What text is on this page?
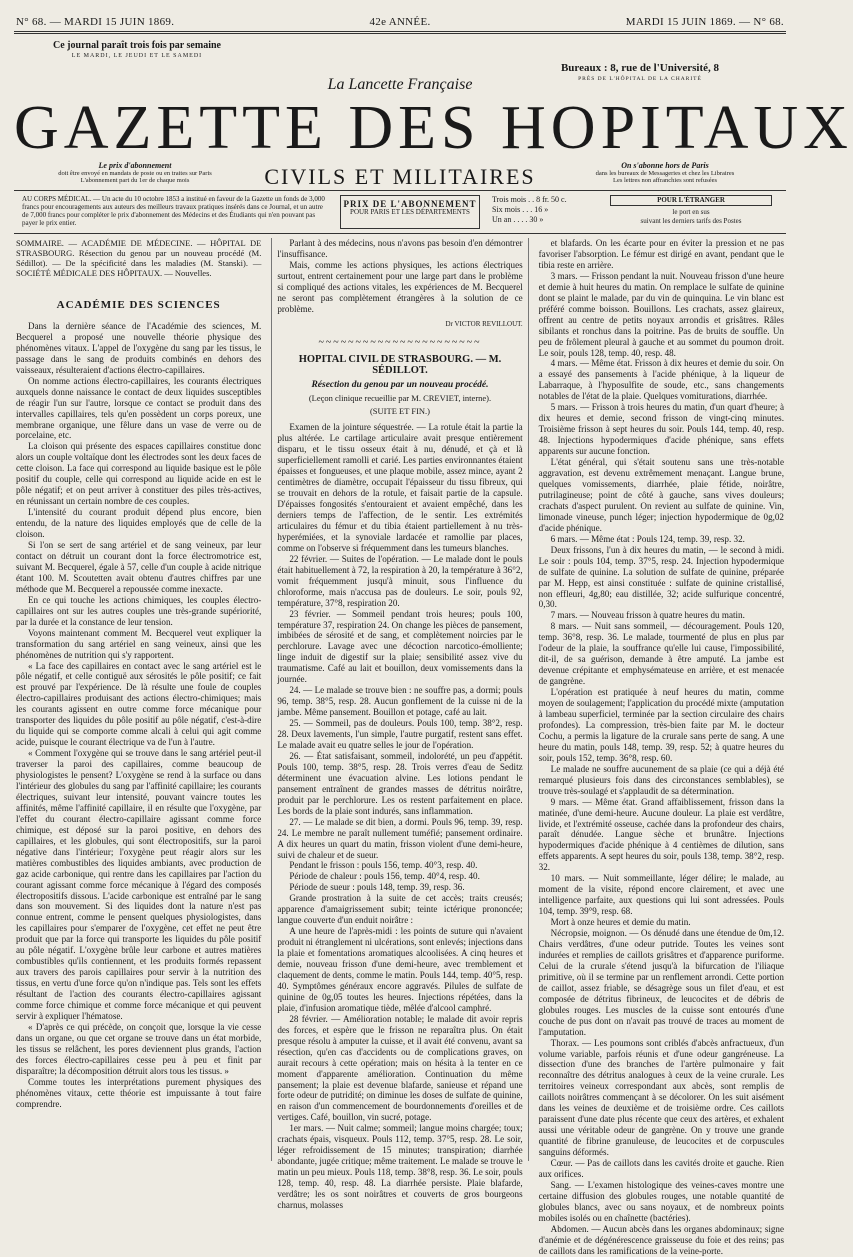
N° 68. — MARDI 15 JUIN 1869.	42e ANNÉE.	MARDI 15 JUIN 1869. — N° 68.
Ce journal paraît trois fois par semaine
LE MARDI, LE JEUDI ET LE SAMEDI
La Lancette Française
Bureaux : 8, rue de l'Université, 8
PRÈS DE L'HÔPITAL DE LA CHARITÉ
GAZETTE DES HOPITAUX
Le prix d'abonnement
doit être envoyé en mandats de poste ou en traites sur Paris
L'abonnement part du 1er de chaque mois	CIVILS ET MILITAIRES	On s'abonne hors de Paris
dans les bureaux de Messageries et chez les Libraires
Les lettres non affranchies sont refusées
AU CORPS MÉDICAL. — Un acte du 10 octobre 1853 a institué en faveur de la Gazette un fonds de 3,000 francs pour encouragements aux auteurs des meilleurs travaux pratiques insérés dans ce Journal, et un autre de 7,000 francs pour compléter le prix d'abonnement des Médecins et des Étudiants qui n'en pouvant pas payer le prix entier.
PRIX DE L'ABONNEMENT
POUR PARIS ET LES DÉPARTEMENTS
Trois mois . . 8 fr. 50 c.
Six mois . . . 16 »
Un an . . . . 30 »
POUR L'ÉTRANGER
le port en sus
suivant les derniers tarifs des Postes

SOMMAIRE. — ACADÉMIE DE MÉDECINE. — HÔPITAL DE STRASBOURG. Résection du genou par un nouveau procédé (M. Sédillot). — De la spécificité dans les maladies (M. Stanski). — SOCIÉTÉ MÉDICALE DES HÔPITAUX. — Nouvelles.

ACADÉMIE DES SCIENCES

Dans la dernière séance de l'Académie des sciences, M. Becquerel a proposé une nouvelle théorie physique des phénomènes vitaux. L'appel de l'oxygène du sang par les tissus, le passage dans le sang de produits combinés en dehors des vaisseaux, résulteraient d'actions électro-capillaires.

On nomme actions électro-capillaires, les courants électriques auxquels donne naissance le contact de deux liquides susceptibles de réagir l'un sur l'autre, lorsque ce contact se produit dans des intervalles capillaires, tels qu'en possèdent un corps poreux, une membrane organique, une fêlure dans un vase de verre ou de porcelaine, etc.

La cloison qui présente des espaces capillaires constitue donc alors un couple voltaïque dont les électrodes sont les deux faces de cette cloison. La face qui correspond au liquide basique est le pôle positif du couple, celle qui correspond au liquide acide en est le pôle négatif; et on peut arriver à constituer des piles très-actives, en réunissant un certain nombre de ces couples.

L'intensité du courant produit dépend plus encore, bien entendu, de la nature des liquides employés que de celle de la cloison.

Si l'on se sert de sang artériel et de sang veineux, par leur contact on détruit un courant dont la force électromotrice est, suivant M. Becquerel, égale à 57, celle d'un couple à acide nitrique étant 100. M. Scoutetten avait obtenu d'autres chiffres par une méthode que M. Becquerel a repoussée comme inexacte.

En ce qui touche les actions chimiques, les couples électro-capillaires ont sur les autres couples une très-grande supériorité, par la durée et la constance de leur tension.

Voyons maintenant comment M. Becquerel veut expliquer la transformation du sang artériel en sang veineux, ainsi que les phénomènes de nutrition qui s'y rapportent.

« La face des capillaires en contact avec le sang artériel est le pôle négatif, et celle contiguë aux sérosités le pôle positif; ce fait est prouvé par l'expérience. De là résulte une foule de couples électro-capillaires produisant des actions électro-chimiques; mais les courants agissent en outre comme force mécanique pour transporter des liquides du pôle positif au pôle négatif, c'est-à-dire du liquide qui se comporte comme alcali à celui qui agit comme acide, puisque le courant électrique va de l'un à l'autre.

« Comment l'oxygène qui se trouve dans le sang artériel peut-il traverser la paroi des capillaires, comme beaucoup de physiologistes le pensent? L'oxygène se rend à la surface ou dans l'intérieur des globules du sang par l'affinité capillaire; les courants électriques, suivant leur intensité, pouvant vaincre toutes les affinités, même l'affinité capillaire, il en résulte que l'oxygène, par l'effet du courant électro-capillaire agissant comme force chimique, est déposé sur la paroi positive, en dehors des capillaires, et les globules, qui sont électropositifs, sur la paroi négative dans l'intérieur; l'oxygène peut réagir alors sur les matières combustibles des liquides ambiants, avec production de gaz acide carbonique, qui rentre dans les capillaires par l'action du courant agissant comme force mécanique à l'égard des composés électropositifs dissous. L'acide carbonique est entraîné par le sang dans son mouvement. Si des liquides dont la nature n'est pas connue entrent, comme le pensent quelques physiologistes, dans les capillaires pour s'emparer de l'oxygène, cet effet ne peut être produit que par la force qui transporte les liquides du pôle positif au pôle négatif. L'oxygène brûle leur carbone et autres matières combustibles qu'ils contiennent, et les produits formés repassent aux travers des parois capillaires pour servir à la nutrition des tissus, en vertu d'une force qu'on n'indique pas. Tels sont les effets résultant de l'action des courants électro-capillaires agissant comme force chimique et comme force mécanique et qui peuvent servir à expliquer l'hématose.

« D'après ce qui précède, on conçoit que, lorsque la vie cesse dans un organe, ou que cet organe se trouve dans un état morbide, les tissus se relâchent, les pores deviennent plus grands, l'action des forces électro-capillaires cesse peu à peu et finit par disparaître; la décomposition détruit alors tous les tissus. »

Comme toutes les interprétations purement physiques des phénomènes vitaux, cette théorie est impuissante à tout faire comprendre.

Parlant à des médecins, nous n'avons pas besoin d'en démontrer l'insuffisance.

Mais, comme les actions physiques, les actions électriques surtout, entrent certainement pour une large part dans le problème si compliqué des actions vitales, les expériences de M. Becquerel ne seront pas complètement étrangères à la solution de ce problème.

Dr VICTOR REVILLOUT.
~~~~~~~~~~~~~~~~~~~~~~
HOPITAL CIVIL DE STRASBOURG. — M. SÉDILLOT.
Résection du genou par un nouveau procédé.

(Leçon clinique recueillie par M. CREVIET, interne).

(SUITE ET FIN.)

Examen de la jointure séquestrée. — La rotule était la partie la plus altérée. Le cartilage articulaire avait presque entièrement disparu, et le tissu osseux était à nu, dénudé, et çà et là superficiellement ramolli et carié. Les parties environnantes étaient épaisses et fongueuses, et une plaque mobile, assez mince, ayant 2 centimètres de diamètre, occupait l'épaisseur du tissu fibreux, qui se trouvait en dehors de la rotule, et faisait partie de la capsule. D'épaisses fongosités s'entouraient et avaient empêché, dans les derniers temps de l'affection, de le sentir. Les extrémités articulaires du fémur et du tibia étaient partiellement à nu très-hyperémiées, et la synoviale lardacée et ramollie par places, comme on l'observe si fréquemment dans les tumeurs blanches.

22 février. — Suites de l'opération. — Le malade dont le pouls était habituellement à 72, la respiration à 20, la température à 36°2, vomit fréquemment jusqu'à minuit, sous l'influence du chloroforme, mais n'accusa pas de douleurs. Le soir, pouls 92, température, 37°8, respiration 20.

23 février. — Sommeil pendant trois heures; pouls 100, température 37, respiration 24. On change les pièces de pansement, imbibées de sérosité et de sang, et complètement noircies par le perchlorure. Lavage avec une décoction narcotico-émolliente; linge induit de digestif sur la plaie; sensibilité assez vive du traumatisme. Café au lait et bouillon, deux vomissements dans la journée.

24. — Le malade se trouve bien : ne souffre pas, a dormi; pouls 96, temp. 38°5, resp. 28. Aucun gonflement de la cuisse ni de la jambe. Même pansement. Bouillon et potage, café au lait.

25. — Sommeil, pas de douleurs. Pouls 100, temp. 38°2, resp. 28. Deux lavements, l'un simple, l'autre purgatif, restent sans effet. Le malade avait eu quatre selles le jour de l'opération.

26. — État satisfaisant, sommeil, indolorété, un peu d'appétit. Pouls 100, temp. 38°5, resp. 28. Trois verres d'eau de Seditz déterminent une évacuation alvine. Les lotions pendant le pansement entraînent de grandes masses de détritus noirâtre, produit par le perchlorure. Les os restent parfaitement en place. Les bords de la plaie sont indurés, sans inflammation.

27. — Le malade se dit bien, a dormi. Pouls 96, temp. 39, resp. 24. Le membre ne paraît nullement tuméfié; pansement ordinaire. A dix heures un quart du matin, frisson violent d'une demi-heure, suivi de chaleur et de sueur.

Pendant le frisson : pouls 156, temp. 40°3, resp. 40.

Période de chaleur : pouls 156, temp. 40°4, resp. 40.

Période de sueur : pouls 148, temp. 39, resp. 36.

Grande prostration à la suite de cet accès; traits creusés; apparence d'amaigrissement subit; teinte ictérique prononcée; langue couverte d'un enduit noirâtre :

A une heure de l'après-midi : les points de suture qui n'avaient produit ni étranglement ni ulcérations, sont enlevés; injections dans la plaie et fomentations aromatiques alcoolisées. A cinq heures et demie, nouveau frisson d'une demi-heure, avec tremblement et claquement de dents, comme le matin. Pouls 144, temp. 40°5, resp. 40. Symptômes généraux encore aggravés. Pilules de sulfate de quinine de 0g,05 toutes les heures. Injections répétées, dans la plaie, d'infusion aromatique tiède, mêlée d'alcool camphré.

28 février. — Amélioration notable; le malade dit avoir repris des forces, et espère que le frisson ne reparaîtra plus. On était presque résolu à amputer la cuisse, et il avait été convenu, avant sa résection, qu'en cas d'accidents ou de complications graves, on aurait recours à cette opération; mais on hésita à la tenter en ce moment d'apparente amélioration. Continuation du même pansement; la plaie est devenue blafarde, sanieuse et répand une forte odeur de putridité; on diminue les doses de sulfate de quinine, en raison d'un commencement de bourdonnements d'oreilles et de vertiges. Café, bouillon, vin sucré, potage.

1er mars. — Nuit calme; sommeil; langue moins chargée; toux; crachats épais, visqueux. Pouls 112, temp. 37°5, resp. 28. Le soir, léger refroidissement de 15 minutes; transpiration; diarrhée abondante, jugée critique; même traitement. Le malade se trouve le matin un peu mieux. Pouls 118, temp. 38°8, resp. 36. Le soir, pouls 128, temp. 40, resp. 48. La diarrhée persiste. Plaie blafarde, verdâtre; les os sont noirâtres et couverts de gros bourgeons charnus, molasses

et blafards. On les écarte pour en éviter la pression et ne pas favoriser l'absorption. Le fémur est dirigé en avant, pendant que le tibia reste en arrière.

3 mars. — Frisson pendant la nuit. Nouveau frisson d'une heure et demie à huit heures du matin. On remplace le sulfate de quinine dont se plaint le malade, par du vin de quinquina. Le vin blanc est préféré comme boisson. Bouillons. Les crachats, assez glaireux, offrent au centre de petits noyaux arrondis et grisâtres. Râles sibilants et ronchus dans la poitrine. Pas de bruits de souffle. Un peu de frôlement pleural à gauche et au sommet du poumon droit. Le soir, pouls 128, temp. 40, resp. 48.

4 mars. — Même état. Frisson à dix heures et demie du soir. On a essayé des pansements à l'acide phénique, à la liqueur de Labarraque, à l'hyposulfite de soude, etc., sans changements notables de l'état de la plaie. Quelques vomiturations, diarrhée.

5 mars. — Frisson à trois heures du matin, d'un quart d'heure; à dix heures et demie, second frisson de vingt-cinq minutes. Troisième frisson à sept heures du soir. Pouls 144, temp. 40, resp. 48. Injections hypodermiques d'acide phénique, sans effets apparents sur aucune fonction.

L'état général, qui s'était soutenu sans une très-notable aggravation, est devenu extrêmement menaçant. Langue brune, quelques vomissements, diarrhée, plaie fétide, noirâtre, putrilagineuse; point de côté à gauche, sans vives douleurs; crachats d'aspect purulent. On revient au sulfate de quinine. Vin, limonade vineuse, punch léger; injection hypodermique de 0g,02 d'acide phénique.

6 mars. — Même état : Pouls 124, temp. 39, resp. 32.

Deux frissons, l'un à dix heures du matin, — le second à midi. Le soir : pouls 104, temp. 37°5, resp. 24. Injection hypodermique de sulfate de quinine. La solution de sulfate de quinine, préparée par M. Hepp, est ainsi constituée : sulfate de quinine cristallisé, non effleuri, 4g,80; eau distillée, 32; acide sulfurique concentré, 0,30.

7 mars. — Nouveau frisson à quatre heures du matin.

8 mars. — Nuit sans sommeil, — découragement. Pouls 120, temp. 36°8, resp. 36. Le malade, tourmenté de plus en plus par l'odeur de la plaie, la souffrance qu'elle lui cause, l'impossibilité, dit-il, de sa guérison, demande à être amputé. La jambe est devenue crépitante et emphysémateuse en arrière, et est menacée de gangrène.

L'opération est pratiquée à neuf heures du matin, comme moyen de soulagement; l'application du procédé mixte (amputation à lambeau superficiel, terminée par la section circulaire des chairs profondes). La compression, très-bien faite par M. le docteur Cochu, a permis la ligature de la crurale sans perte de sang. A une heure du matin, pouls 148, temp. 39, resp. 52; à quatre heures du soir, pouls 152, temp. 36°8, resp. 60.

Le malade ne souffre aucunement de sa plaie (ce qui a déjà été remarqué plusieurs fois dans des circonstances semblables), se trouve très-soulagé et s'applaudit de sa détermination.

9 mars. — Même état. Grand affaiblissement, frisson dans la matinée, d'une demi-heure. Aucune douleur. La plaie est verdâtre, livide, et l'extrémité osseuse, cachée dans la profondeur des chairs, paraît dénudée. Langue sèche et brunâtre. Injections hypodermiques d'acide phénique à 4 centièmes de dilution, sans effets apparents. A sept heures du soir, pouls 138, temp. 38°2, resp. 32.

10 mars. — Nuit sommeillante, léger délire; le malade, au moment de la visite, répond encore clairement, et avec une intelligence parfaite, aux questions qui lui sont adressées. Pouls 104, temp. 39°9, resp. 68.

Mort à onze heures et demie du matin.

Nécropsie, moignon. — Os dénudé dans une étendue de 0m,12. Chairs verdâtres, d'une odeur putride. Toutes les veines sont indurées et remplies de caillots grisâtres et d'apparence puriforme. Celui de la crurale s'étend jusqu'à la bifurcation de l'iliaque primitive, où il se termine par un renflement arrondi. Cette portion de caillot, assez friable, se désagrège sous un filet d'eau, et est composée de détritus fibrineux, de leucocites et de débris de globules rouges. Les muscles de la cuisse sont entourés d'une couche de pus dont on n'avait pas trouvé de traces au moment de l'amputation.

Thorax. — Les poumons sont criblés d'abcès anfractueux, d'un volume variable, parfois réunis et d'une odeur gangréneuse. La dissection d'une des branches de l'artère pulmonaire y fait reconnaître des détritus analogues à ceux de la veine crurale. Les territoires veineux correspondant aux abcès, sont remplis de caillots noirâtres commençant à se décolorer. On les suit aisément dans les veines de deuxième et de troisième ordre. Ces caillots paraissent d'une date plus récente que ceux des artères, et exhalent aussi une véritable odeur de gangrène. On y trouve une grande quantité de fibrine granuleuse, de leucocites et de corpuscules sanguins déformés.

Cœur. — Pas de caillots dans les cavités droite et gauche. Rien aux orifices.

Sang. — L'examen histologique des veines-caves montre une certaine diffusion des globules rouges, une notable quantité de globules blancs, avec ou sans noyaux, et de nombreux points mobiles isolés ou en chaînette (bactéries).

Abdomen. — Aucun abcès dans les organes abdominaux; signe d'anémie et de dégénérescence graisseuse du foie et des reins; pas de caillots dans les ramifications de la veine-porte.
